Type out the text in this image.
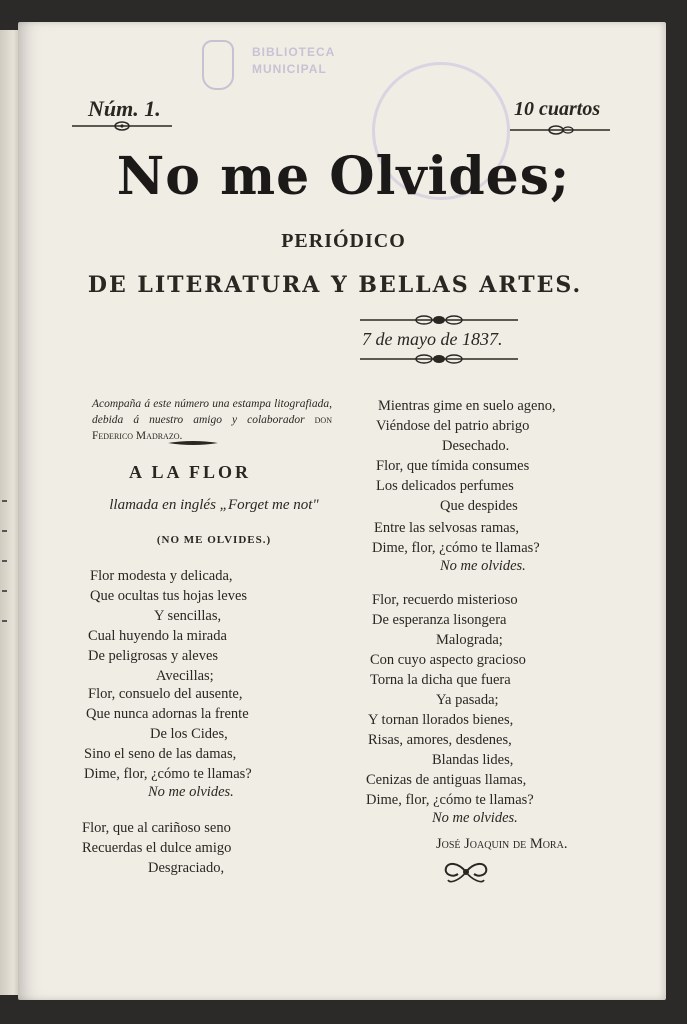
BIBLIOTECA
MUNICIPAL
Núm. 1.	10 cuartos
No me Olvides;
PERIÓDICO
DE LITERATURA Y BELLAS ARTES.
7 de mayo de 1837.
Acompaña á este número una estampa litografiada, debida á nuestro amigo y colaborador don Federico Madrazo.
A LA FLOR
llamada en inglés „Forget me not"
(NO ME OLVIDES.)
Flor modesta y delicada,
Que ocultas tus hojas leves
Y sencillas,
Cual huyendo la mirada
De peligrosas y aleves
Avecillas;
Flor, consuelo del ausente,
Que nunca adornas la frente
De los Cides,
Sino el seno de las damas,
Dime, flor, ¿cómo te llamas?
No me olvides.
Flor, que al cariñoso seno
Recuerdas el dulce amigo
Desgraciado,
Mientras gime en suelo ageno,
Viéndose del patrio abrigo
Desechado.
Flor, que tímida consumes
Los delicados perfumes
Que despides
Entre las selvosas ramas,
Dime, flor, ¿cómo te llamas?
No me olvides.
Flor, recuerdo misterioso
De esperanza lisongera
Malograda;
Con cuyo aspecto gracioso
Torna la dicha que fuera
Ya pasada;
Y tornan llorados bienes,
Risas, amores, desdenes,
Blandas lides,
Cenizas de antiguas llamas,
Dime, flor, ¿cómo te llamas?
No me olvides.
José Joaquin de Mora.
